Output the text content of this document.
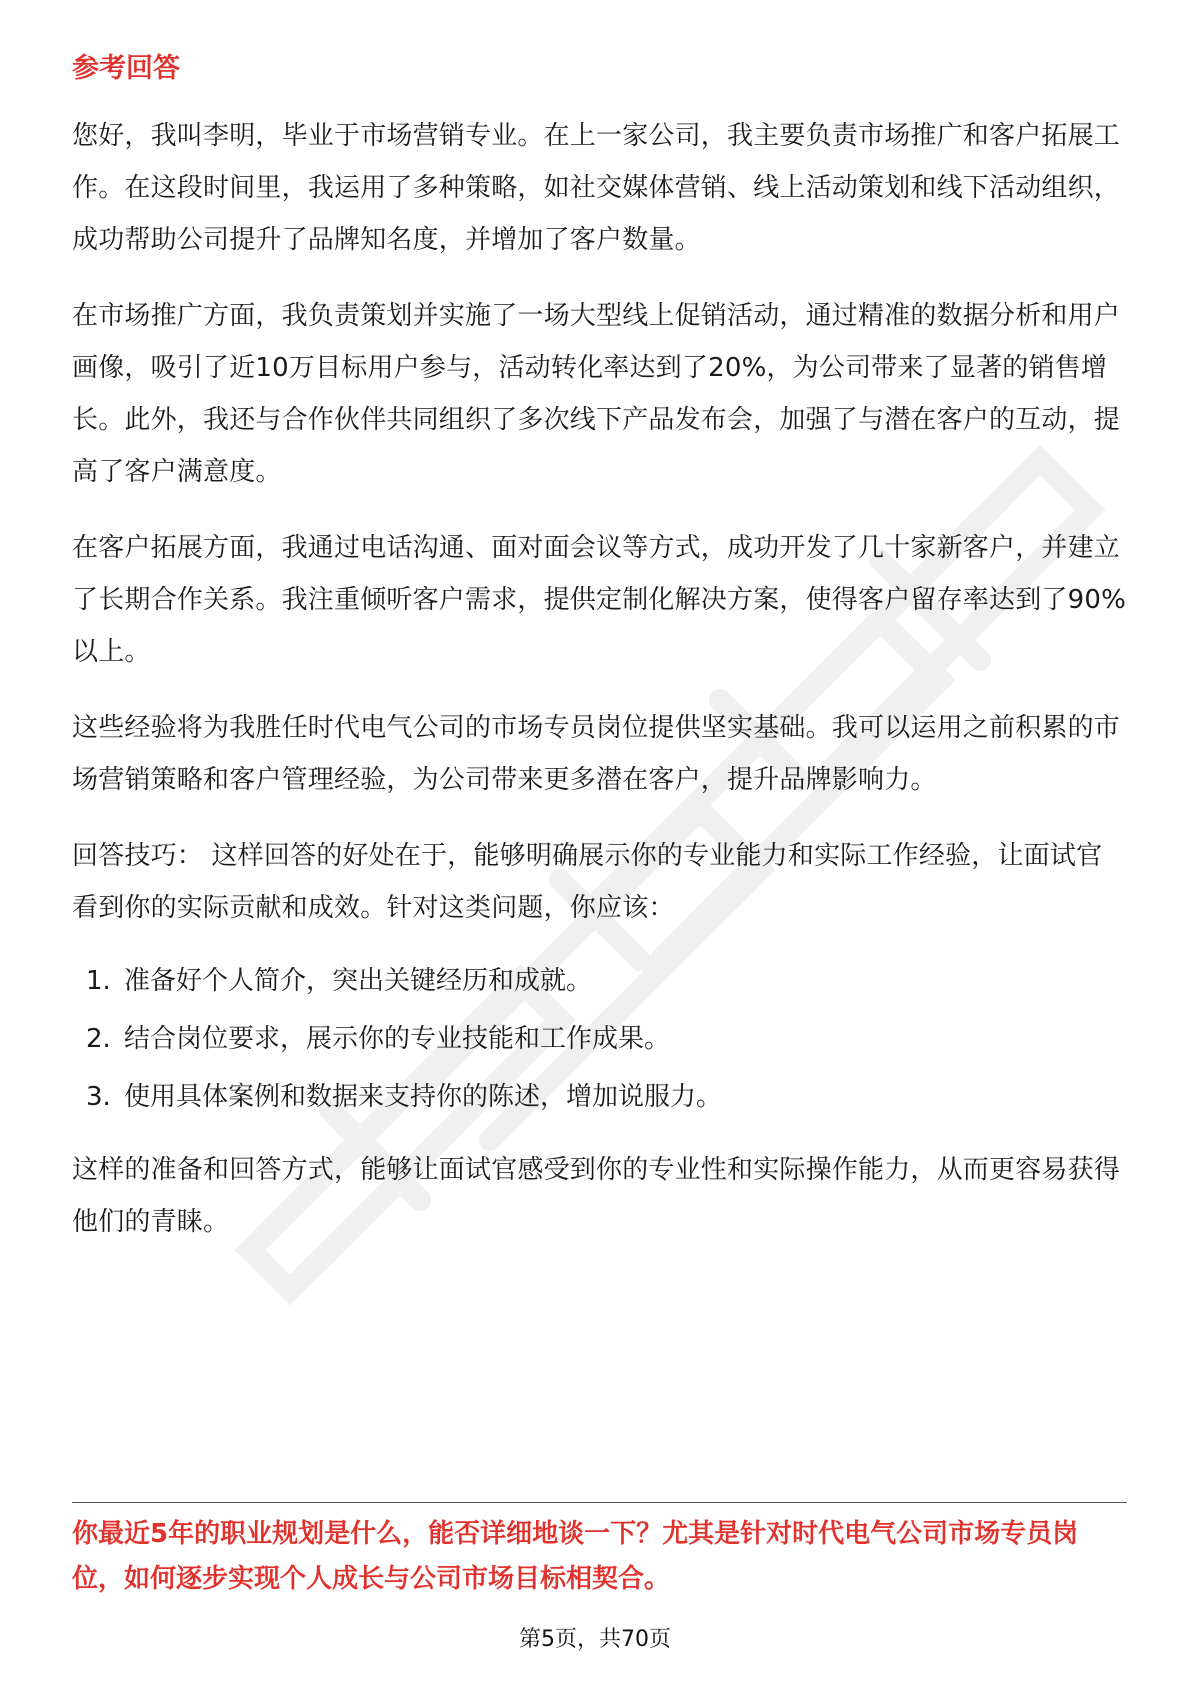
参考回答

您好，我叫李明，毕业于市场营销专业。在上一家公司，我主要负责市场推广和客户拓展工作。在这段时间里，我运用了多种策略，如社交媒体营销、线上活动策划和线下活动组织，成功帮助公司提升了品牌知名度，并增加了客户数量。

在市场推广方面，我负责策划并实施了一场大型线上促销活动，通过精准的数据分析和用户画像，吸引了近10万目标用户参与，活动转化率达到了20%，为公司带来了显著的销售增长。此外，我还与合作伙伴共同组织了多次线下产品发布会，加强了与潜在客户的互动，提高了客户满意度。

在客户拓展方面，我通过电话沟通、面对面会议等方式，成功开发了几十家新客户，并建立了长期合作关系。我注重倾听客户需求，提供定制化解决方案，使得客户留存率达到了90%以上。

这些经验将为我胜任时代电气公司的市场专员岗位提供坚实基础。我可以运用之前积累的市场营销策略和客户管理经验，为公司带来更多潜在客户，提升品牌影响力。

回答技巧： 这样回答的好处在于，能够明确展示你的专业能力和实际工作经验，让面试官看到你的实际贡献和成效。针对这类问题，你应该：

1. 准备好个人简介，突出关键经历和成就。
2. 结合岗位要求，展示你的专业技能和工作成果。
3. 使用具体案例和数据来支持你的陈述，增加说服力。

这样的准备和回答方式，能够让面试官感受到你的专业性和实际操作能力，从而更容易获得他们的青睐。

你最近5年的职业规划是什么，能否详细地谈一下？尤其是针对时代电气公司市场专员岗位，如何逐步实现个人成长与公司市场目标相契合。

第5页，共70页
